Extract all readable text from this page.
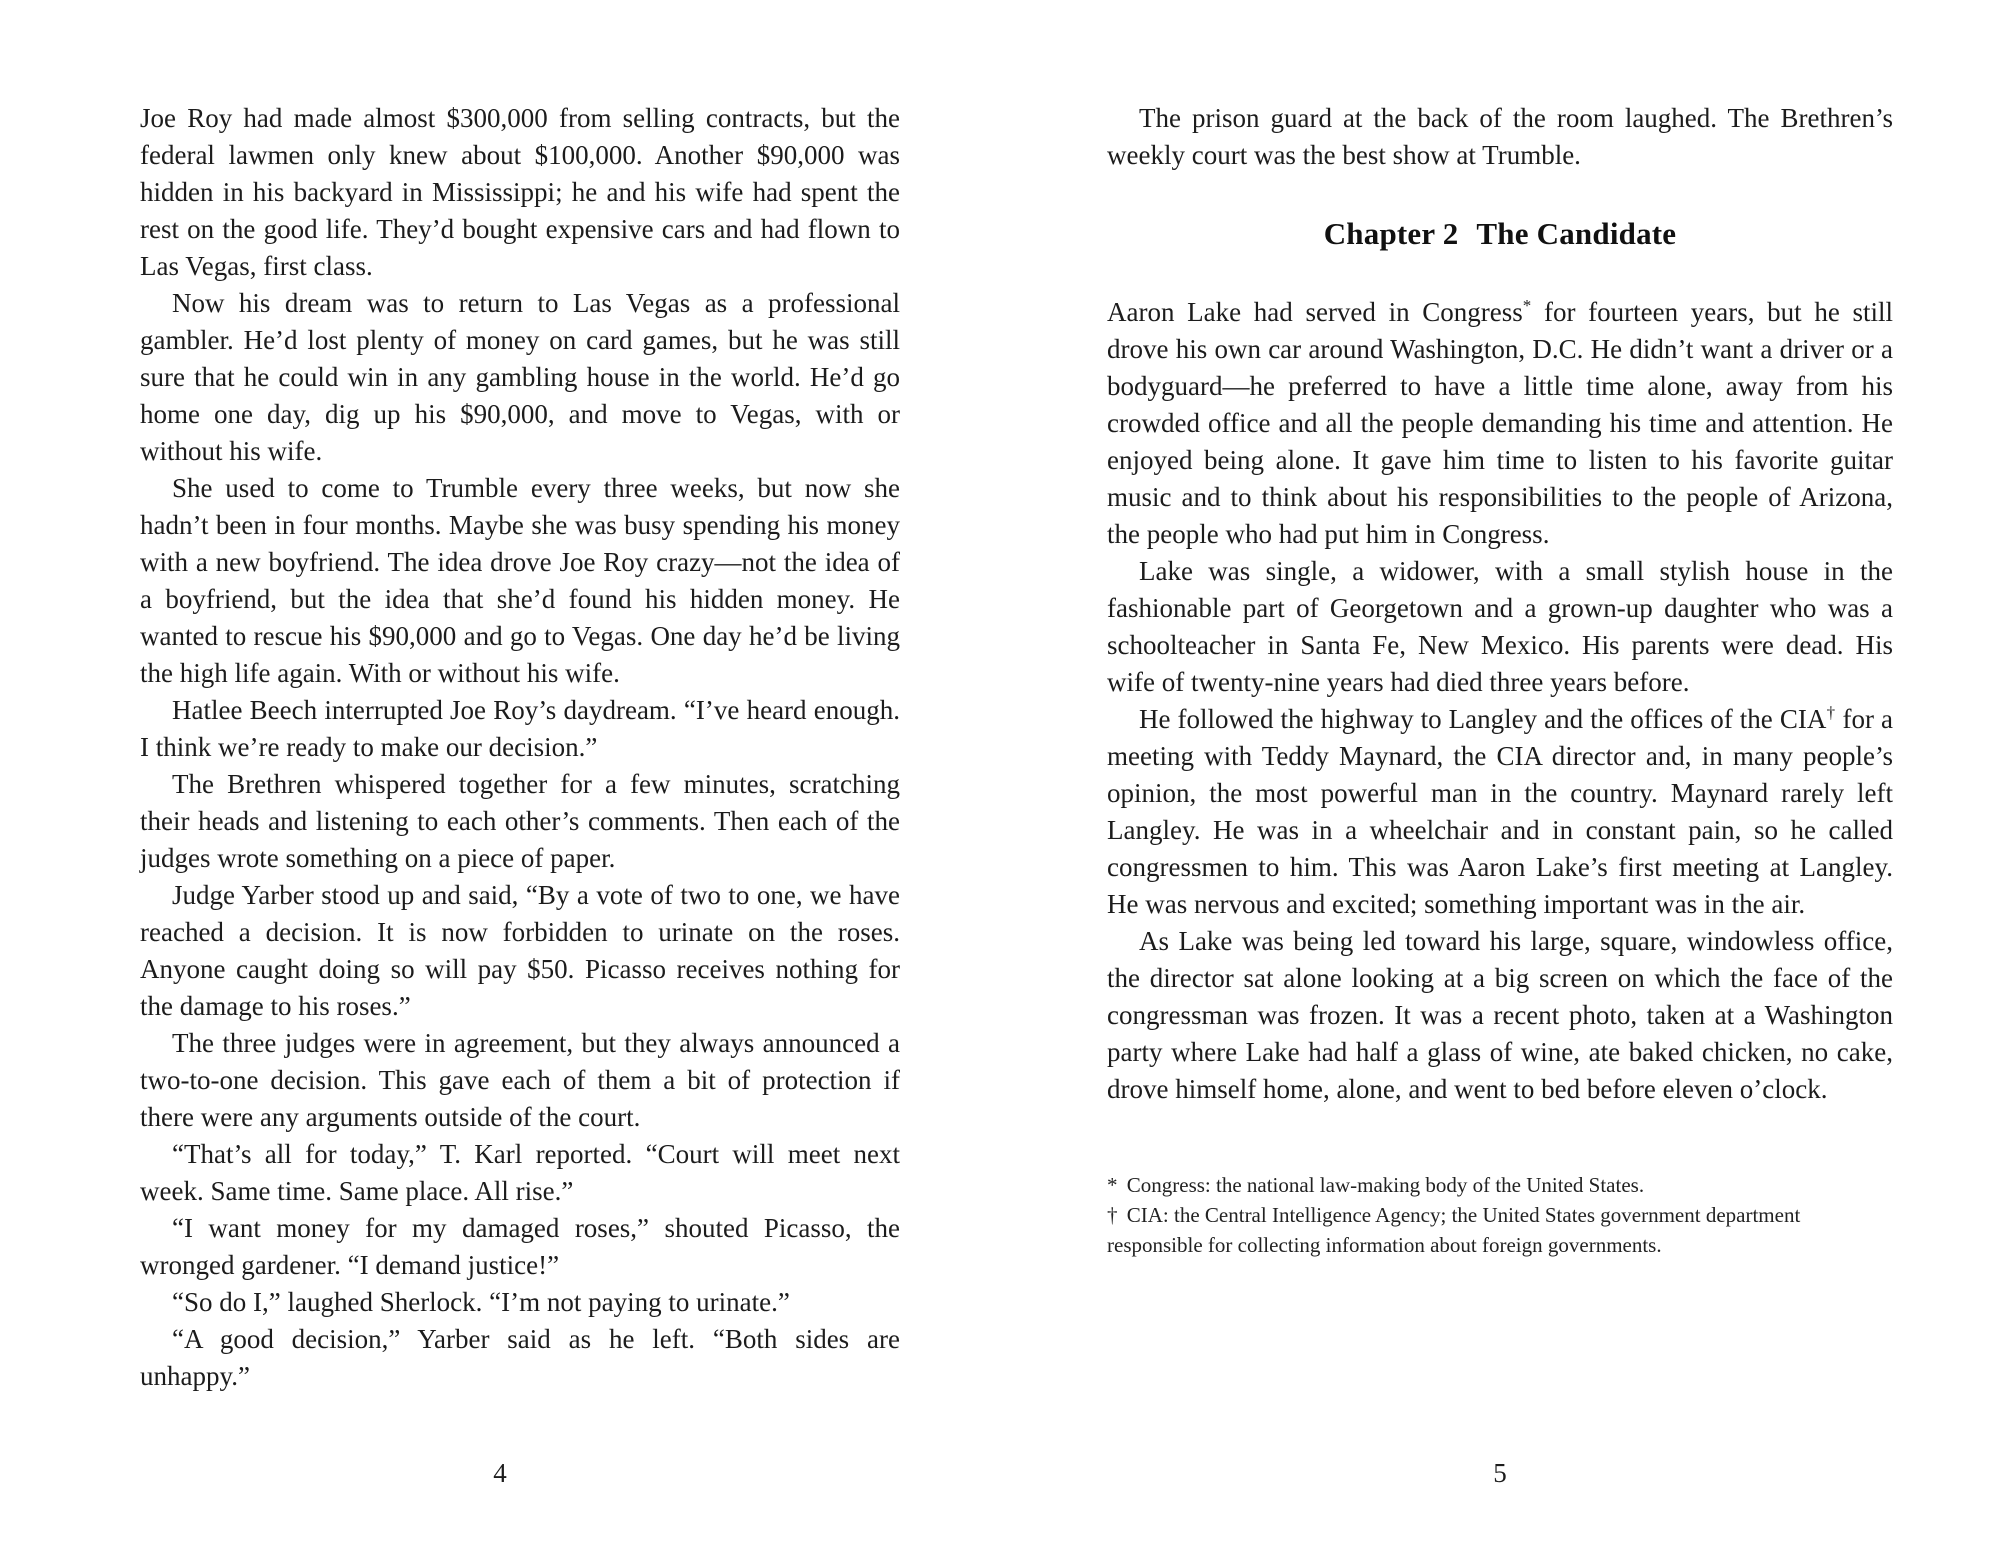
Joe Roy had made almost $300,000 from selling contracts, but the federal lawmen only knew about $100,000. Another $90,000 was hidden in his backyard in Mississippi; he and his wife had spent the rest on the good life. They’d bought expensive cars and had flown to Las Vegas, first class.

Now his dream was to return to Las Vegas as a professional gambler. He’d lost plenty of money on card games, but he was still sure that he could win in any gambling house in the world. He’d go home one day, dig up his $90,000, and move to Vegas, with or without his wife.

She used to come to Trumble every three weeks, but now she hadn’t been in four months. Maybe she was busy spending his money with a new boyfriend. The idea drove Joe Roy crazy—not the idea of a boyfriend, but the idea that she’d found his hidden money. He wanted to rescue his $90,000 and go to Vegas. One day he’d be living the high life again. With or without his wife.

Hatlee Beech interrupted Joe Roy’s daydream. “I’ve heard enough. I think we’re ready to make our decision.”

The Brethren whispered together for a few minutes, scratching their heads and listening to each other’s comments. Then each of the judges wrote something on a piece of paper.

Judge Yarber stood up and said, “By a vote of two to one, we have reached a decision. It is now forbidden to urinate on the roses. Anyone caught doing so will pay $50. Picasso receives nothing for the damage to his roses.”

The three judges were in agreement, but they always announced a two-to-one decision. This gave each of them a bit of protection if there were any arguments outside of the court.

“That’s all for today,” T. Karl reported. “Court will meet next week. Same time. Same place. All rise.”

“I want money for my damaged roses,” shouted Picasso, the wronged gardener. “I demand justice!”

“So do I,” laughed Sherlock. “I’m not paying to urinate.”

“A good decision,” Yarber said as he left. “Both sides are unhappy.”

4

The prison guard at the back of the room laughed. The Brethren’s weekly court was the best show at Trumble.

Chapter 2 The Candidate

Aaron Lake had served in Congress* for fourteen years, but he still drove his own car around Washington, D.C. He didn’t want a driver or a bodyguard—he preferred to have a little time alone, away from his crowded office and all the people demanding his time and attention. He enjoyed being alone. It gave him time to listen to his favorite guitar music and to think about his responsibilities to the people of Arizona, the people who had put him in Congress.

Lake was single, a widower, with a small stylish house in the fashionable part of Georgetown and a grown-up daughter who was a schoolteacher in Santa Fe, New Mexico. His parents were dead. His wife of twenty-nine years had died three years before.

He followed the highway to Langley and the offices of the CIA† for a meeting with Teddy Maynard, the CIA director and, in many people’s opinion, the most powerful man in the country. Maynard rarely left Langley. He was in a wheelchair and in constant pain, so he called congressmen to him. This was Aaron Lake’s first meeting at Langley. He was nervous and excited; something important was in the air.

As Lake was being led toward his large, square, windowless office, the director sat alone looking at a big screen on which the face of the congressman was frozen. It was a recent photo, taken at a Washington party where Lake had half a glass of wine, ate baked chicken, no cake, drove himself home, alone, and went to bed before eleven o’clock.

* Congress: the national law-making body of the United States.

† CIA: the Central Intelligence Agency; the United States government department responsible for collecting information about foreign governments.

5
